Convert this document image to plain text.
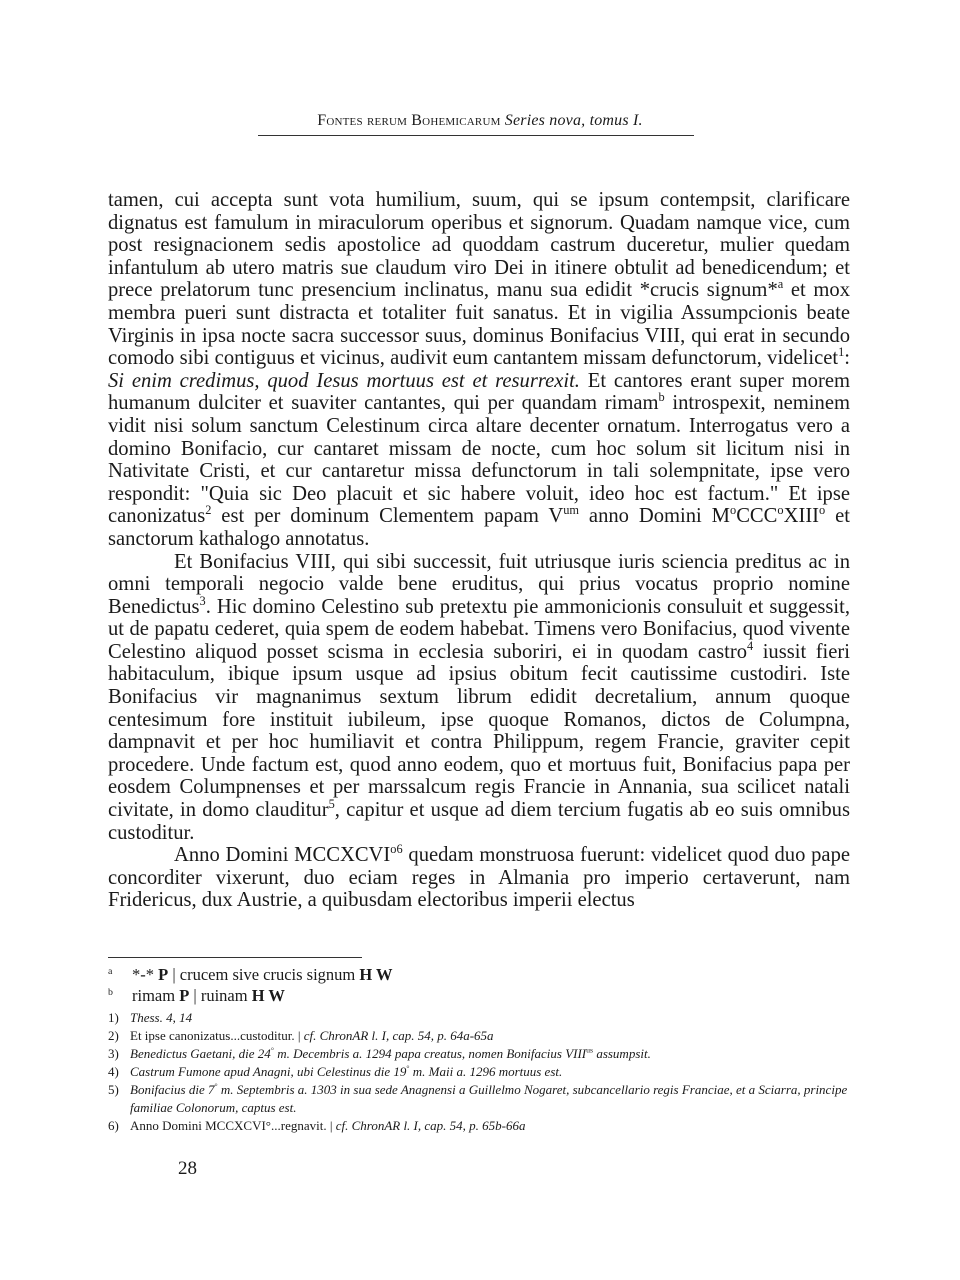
Fontes rerum Bohemicarum Series nova, tomus I.

tamen, cui accepta sunt vota humilium, suum, qui se ipsum contempsit, clarificare dignatus est famulum in miraculorum operibus et signorum. Quadam namque vice, cum post resignacionem sedis apostolice ad quoddam castrum duceretur, mulier quedam infantulum ab utero matris sue claudum viro Dei in itinere obtulit ad benedicendum; et prece prelatorum tunc presencium inclinatus, manu sua edidit *crucis signum*$^a$ et mox membra pueri sunt distracta et totaliter fuit sanatus. Et in vigilia Assumpcionis beate Virginis in ipsa nocte sacra successor suus, dominus Bonifacius VIII, qui erat in secundo comodo sibi contiguus et vicinus, audivit eum cantantem missam defunctorum, videlicet$^1$: Si enim credimus, quod Iesus mortuus est et resurrexit. Et cantores erant super morem humanum dulciter et suaviter cantantes, qui per quandam rimam$^b$ introspexit, neminem vidit nisi solum sanctum Celestinum circa altare decenter ornatum. Interrogatus vero a domino Bonifacio, cur cantaret missam de nocte, cum hoc solum sit licitum nisi in Nativitate Cristi, et cur cantaretur missa defunctorum in tali solempnitate, ipse vero respondit: "Quia sic Deo placuit et sic habere voluit, ideo hoc est factum." Et ipse canonizatus$^2$ est per dominum Clementem papam $V^{um}$ anno Domini $M^oCCC^oXIII^o$ et sanctorum kathalogo annotatus.

Et Bonifacius VIII, qui sibi successit, fuit utriusque iuris sciencia preditus ac in omni temporali negocio valde bene eruditus, qui prius vocatus proprio nomine Benedictus$^3$. Hic domino Celestino sub pretextu pie ammonicionis consuluit et suggessit, ut de papatu cederet, quia spem de eodem habebat. Timens vero Bonifacius, quod vivente Celestino aliquod posset scisma in ecclesia suboriri, ei in quodam castro$^4$ iussit fieri habitaculum, ibique ipsum usque ad ipsius obitum fecit cautissime custodiri. Iste Bonifacius vir magnanimus sextum librum edidit decretalium, annum quoque centesimum fore instituit iubileum, ipse quoque Romanos, dictos de Columpna, dampnavit et per hoc humiliavit et contra Philippum, regem Francie, graviter cepit procedere. Unde factum est, quod anno eodem, quo et mortuus fuit, Bonifacius papa per eosdem Columpnenses et per marssalcum regis Francie in Annania, sua scilicet natali civitate, in domo clauditur$^5$, capitur et usque ad diem tercium fugatis ab eo suis omnibus custoditur.

Anno Domini $MCCXCVI^{o6}$ quedam monstruosa fuerunt: videlicet quod duo pape concorditer vixerunt, duo eciam reges in Almania pro imperio certaverunt, nam Fridericus, dux Austrie, a quibusdam electoribus imperii electus

$^a$ *-* P | crucem sive crucis signum H W

$^b$ rimam P | ruinam H W

1) Thess. 4, 14

2) Et ipse canonizatus...custoditur. | cf. ChronAR l. I, cap. 54, p. 64a-65a

3) Benedictus Gaetani, die 24° m. Decembris a. 1294 papa creatus, nomen Bonifacius $VIII^{us}$ assumpsit.

4) Castrum Fumone apud Anagni, ubi Celestinus die 19° m. Maii a. 1296 mortuus est.

5) Bonifacius die 7° m. Septembris a. 1303 in sua sede Anagnensi a Guillelmo Nogaret, subcancellario regis Franciae, et a Sciarra, principe familiae Colonorum, captus est.

6) Anno Domini MCCXCVI°...regnavit. | cf. ChronAR l. I, cap. 54, p. 65b-66a

28
